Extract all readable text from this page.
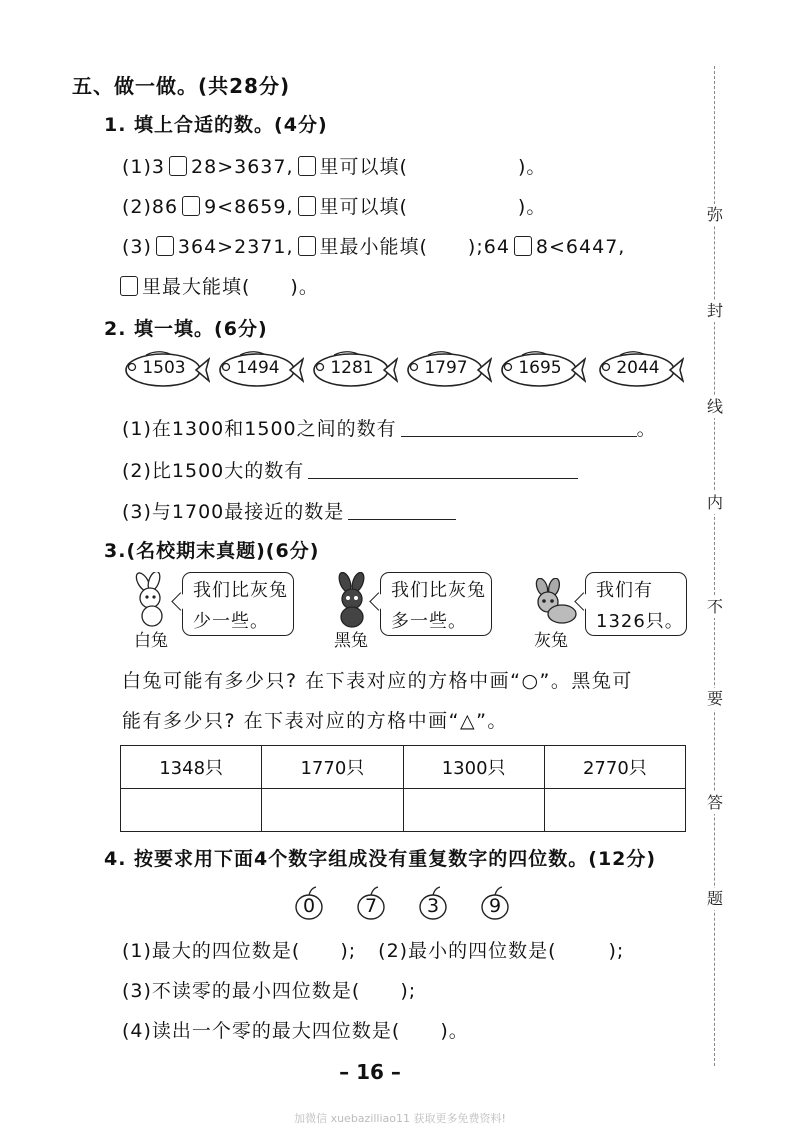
弥
封
线
内
不
要
答
题
五、做一做。(共28分)
1. 填上合适的数。(4分)
(1)3 28>3637, 里可以填(	)。
(2)86 9<8659, 里可以填(	)。
(3) 364>2371, 里最小能填( );64 8<6447,
里最大能填( )。
2. 填一填。(6分)
1503	1494	1281	1797	1695	2044
(1)在1300和1500之间的数有	。
(2)比1500大的数有
(3)与1700最接近的数是
3.(名校期末真题)(6分)
白兔
我们比灰兔
少一些。
黑兔
我们比灰兔
多一些。
灰兔
我们有
1326只。
白兔可能有多少只? 在下表对应的方格中画“○”。黑兔可
能有多少只? 在下表对应的方格中画“△”。
1348只	1770只	1300只	2770只

4. 按要求用下面4个数字组成没有重复数字的四位数。(12分)
0	7	3	9
(1)最大的四位数是( ); (2)最小的四位数是(	);
(3)不读零的最小四位数是( );
(4)读出一个零的最大四位数是( )。
– 16 –
加微信 xuebazilliao11 获取更多免费资料!
